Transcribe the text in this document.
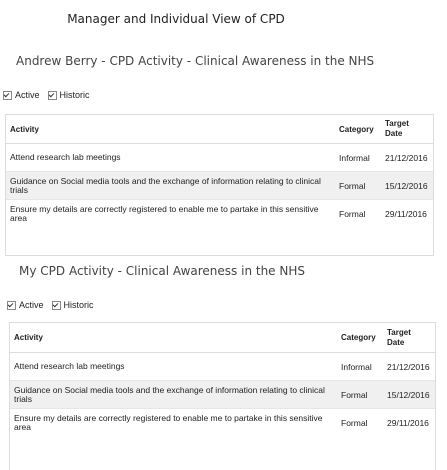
Manager and Individual View of CPD
Andrew Berry - CPD Activity - Clinical Awareness in the NHS
Active Historic
Activity	Category	Target
Date
Attend research lab meetings	Informal	21/12/2016
Guidance on Social media tools and the exchange of information relating to clinical trials	Formal	15/12/2016
Ensure my details are correctly registered to enable me to partake in this sensitive area	Formal	29/11/2016
My CPD Activity - Clinical Awareness in the NHS
Active Historic
Activity	Category	Target
Date
Attend research lab meetings	Informal	21/12/2016
Guidance on Social media tools and the exchange of information relating to clinical trials	Formal	15/12/2016
Ensure my details are correctly registered to enable me to partake in this sensitive area	Formal	29/11/2016
